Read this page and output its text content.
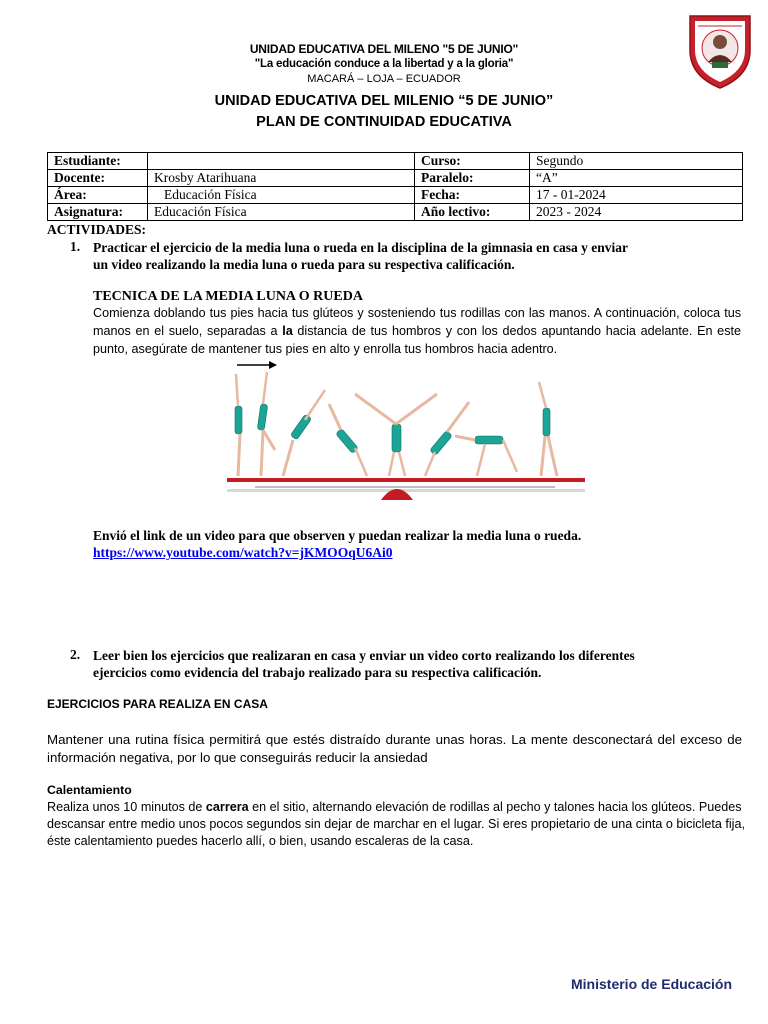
UNIDAD EDUCATIVA DEL MILENO "5 DE JUNIO"
"La educación conduce a la libertad y a la gloria"
MACARÁ – LOJA – ECUADOR
UNIDAD EDUCATIVA DEL MILENIO “5 DE JUNIO”
PLAN DE CONTINUIDAD EDUCATIVA
Estudiante:		Curso:	Segundo
Docente:	Krosby Atarihuana	Paralelo:	“A”
Área:	Educación Física	Fecha:	17 - 01-2024
Asignatura:	Educación Física	Año lectivo:	2023 - 2024
ACTIVIDADES:
1. Practicar el ejercicio de la media luna o rueda en la disciplina de la gimnasia en casa y enviar
un video realizando la media luna o rueda para su respectiva calificación.
TECNICA DE LA MEDIA LUNA O RUEDA
Comienza doblando tus pies hacia tus glúteos y sosteniendo tus rodillas con las manos. A continuación, coloca tus manos en el suelo, separadas a la distancia de tus hombros y con los dedos apuntando hacia adelante. En este punto, asegúrate de mantener tus pies en alto y enrolla tus hombros hacia adentro.
Envió el link de un video para que observen y puedan realizar la media luna o rueda.
https://www.youtube.com/watch?v=jKMOOqU6Ai0
2. Leer bien los ejercicios que realizaran en casa y enviar un video corto realizando los diferentes
ejercicios como evidencia del trabajo realizado para su respectiva calificación.
EJERCICIOS PARA REALIZA EN CASA
Mantener una rutina física permitirá que estés distraído durante unas horas. La mente desconectará del exceso de información negativa, por lo que conseguirás reducir la ansiedad
Calentamiento
Realiza unos 10 minutos de carrera en el sitio, alternando elevación de rodillas al pecho y talones hacia los glúteos. Puedes descansar entre medio unos pocos segundos sin dejar de marchar en el lugar. Si eres propietario de una cinta o bicicleta fija, éste calentamiento puedes hacerlo allí, o bien, usando escaleras de la casa.
Ministerio de Educación
